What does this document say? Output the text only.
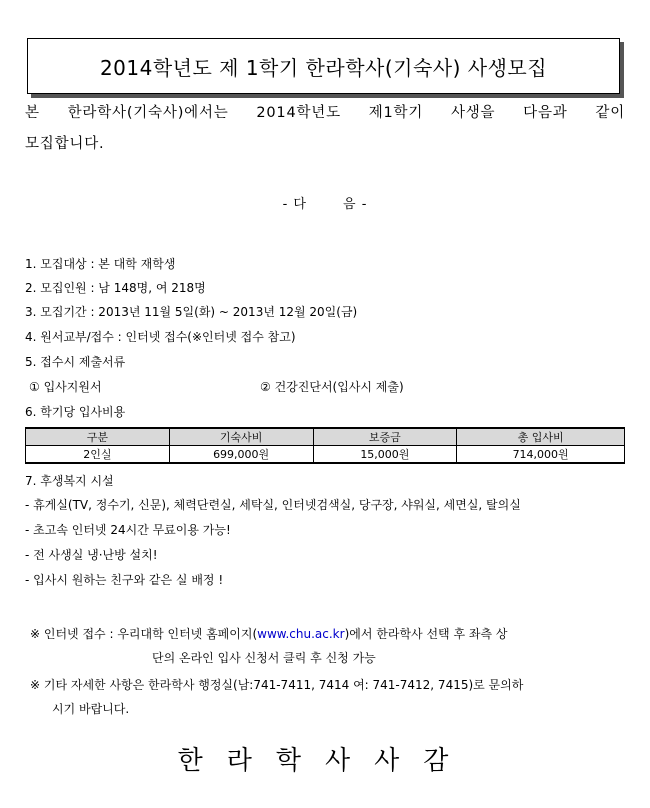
2014학년도 제 1학기 한라학사(기숙사) 사생모집
본 한라학사(기숙사)에서는 2014학년도 제1학기 사생을 다음과 같이
모집합니다.
- 다	음 -
1. 모집대상 : 본 대학 재학생
2. 모집인원 : 남 148명, 여 218명
3. 모집기간 : 2013년 11월 5일(화) ~ 2013년 12월 20일(금)
4. 원서교부/접수 : 인터넷 접수(※인터넷 접수 참고)
5. 접수시 제출서류
① 입사지원서	② 건강진단서(입사시 제출)
6. 학기당 입사비용
구분	기숙사비	보증금	총 입사비
2인실	699,000원	15,000원	714,000원
7. 후생복지 시설
- 휴게실(TV, 정수기, 신문), 체력단련실, 세탁실, 인터넷검색실, 당구장, 샤워실, 세면실, 탈의실
- 초고속 인터넷 24시간 무료이용 가능!
- 전 사생실 냉·난방 설치!
- 입사시 원하는 친구와 같은 실 배정 !
※ 인터넷 접수 : 우리대학 인터넷 홈페이지(www.chu.ac.kr)에서 한라학사 선택 후 좌측 상
단의 온라인 입사 신청서 클릭 후 신청 가능
※ 기타 자세한 사항은 한라학사 행정실(남:741-7411, 7414 여: 741-7412, 7415)로 문의하
시기 바랍니다.
한라학사사감
